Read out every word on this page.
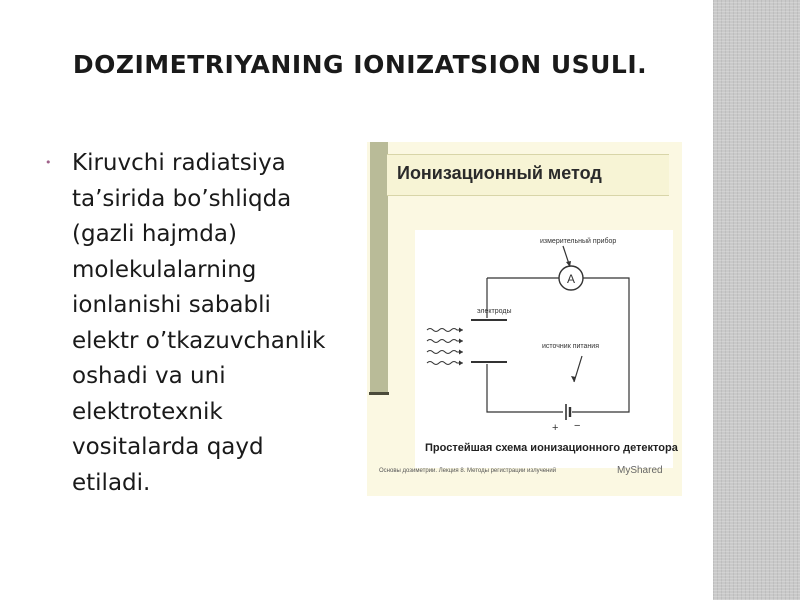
DOZIMETRIYANING IONIZATSION USULI.
• Kiruvchi radiatsiya ta’sirida bo’shliqda (gazli hajmda) molekulalarning ionlanishi sababli elektr o’tkazuvchanlik oshadi va uni elektrotexnik vositalarda qayd etiladi.

Ионизационный метод
A
измерительный прибор
электроды
источник питания
+ −
Простейшая схема ионизационного детектора
Основы дозиметрии. Лекция 8. Методы регистрации излучений	MyShared
